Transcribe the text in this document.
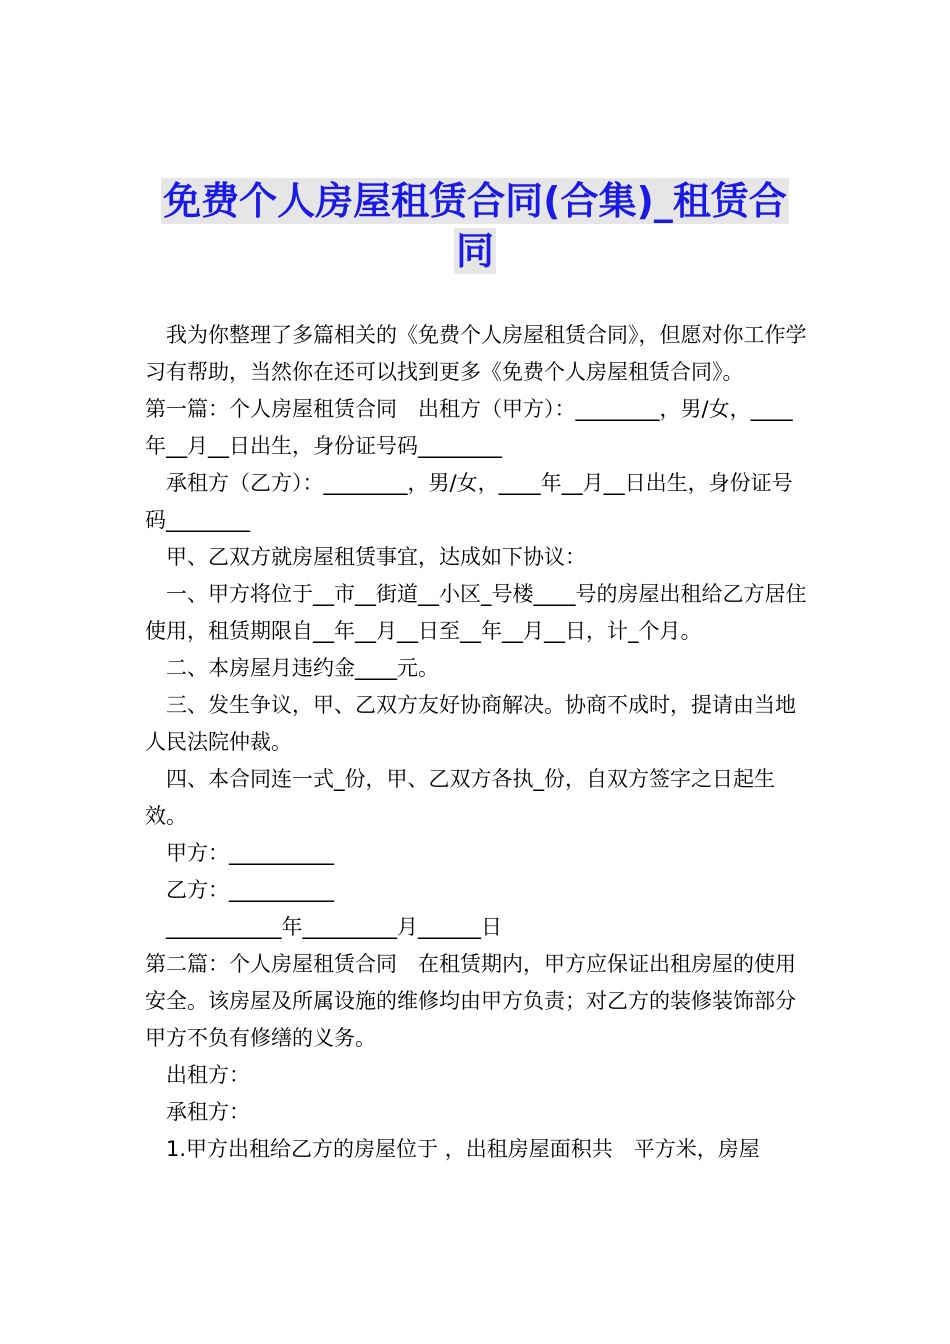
免费个人房屋租赁合同(合集)_租赁合
同

我为你整理了多篇相关的《免费个人房屋租赁合同》，但愿对你工作学习有帮助，当然你在还可以找到更多《免费个人房屋租赁合同》。

第一篇：个人房屋租赁合同　出租方（甲方）：________，男/女，____年__月__日出生，身份证号码________

承租方（乙方）：________，男/女，____年__月__日出生，身份证号码________

甲、乙双方就房屋租赁事宜，达成如下协议：

一、甲方将位于__市__街道__小区_号楼____号的房屋出租给乙方居住使用，租赁期限自__年__月__日至__年__月__日，计_个月。

二、本房屋月违约金____元。

三、发生争议，甲、乙双方友好协商解决。协商不成时，提请由当地人民法院仲裁。

四、本合同连一式_份，甲、乙双方各执_份，自双方签字之日起生效。

甲方：__________

乙方：__________

___________年_________月______日

第二篇：个人房屋租赁合同　在租赁期内，甲方应保证出租房屋的使用安全。该房屋及所属设施的维修均由甲方负责；对乙方的装修装饰部分甲方不负有修缮的义务。

出租方：

承租方：

1.甲方出租给乙方的房屋位于 ，出租房屋面积共　平方米，房屋
